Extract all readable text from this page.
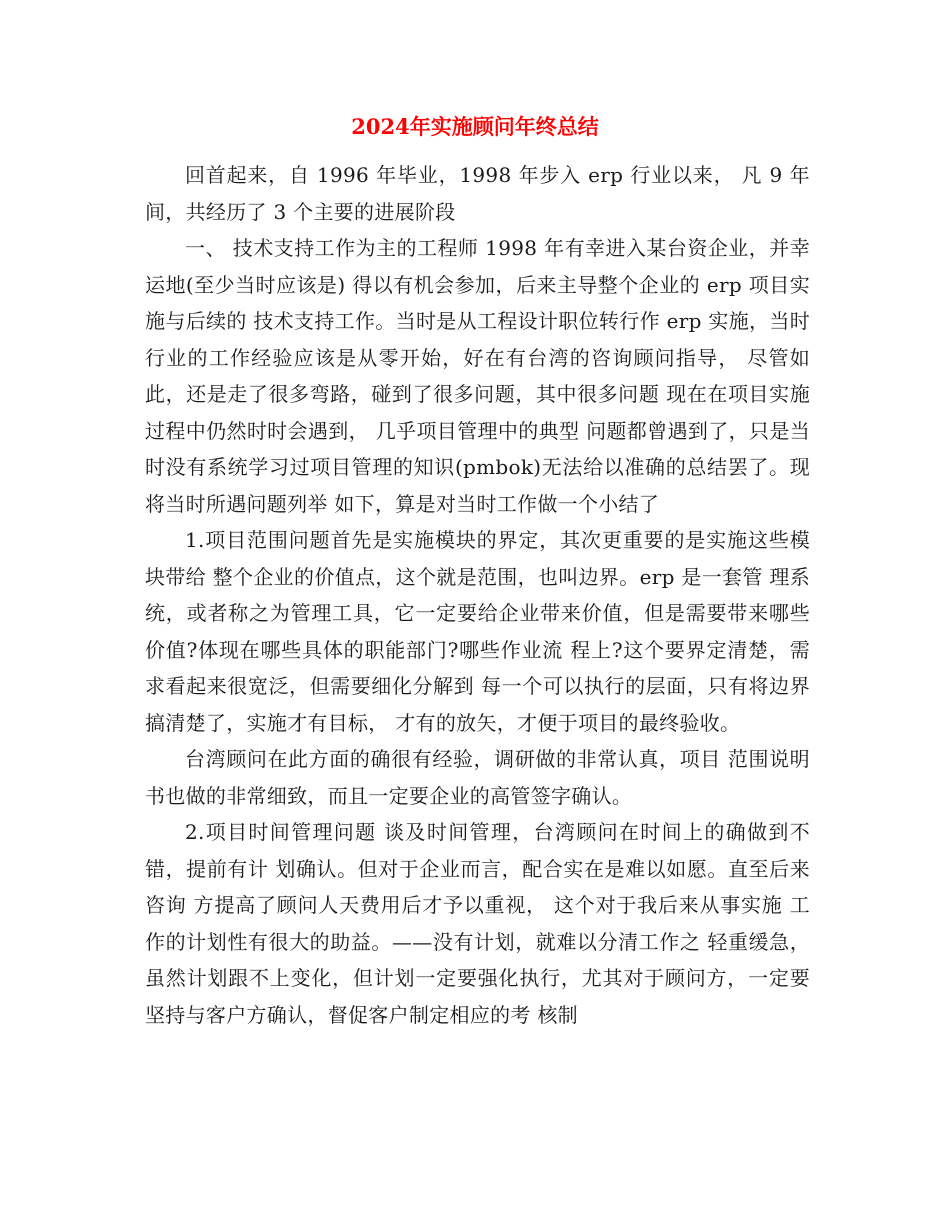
2024年实施顾问年终总结

回首起来，自 1996 年毕业，1998 年步入 erp 行业以来， 凡 9 年间，共经历了 3 个主要的进展阶段

一、 技术支持工作为主的工程师 1998 年有幸进入某台资企业，并幸运地(至少当时应该是) 得以有机会参加，后来主导整个企业的 erp 项目实施与后续的 技术支持工作。当时是从工程设计职位转行作 erp 实施，当时 行业的工作经验应该是从零开始，好在有台湾的咨询顾问指导， 尽管如此，还是走了很多弯路，碰到了很多问题，其中很多问题 现在在项目实施过程中仍然时时会遇到， 几乎项目管理中的典型 问题都曾遇到了，只是当时没有系统学习过项目管理的知识(pmbok)无法给以准确的总结罢了。现将当时所遇问题列举 如下，算是对当时工作做一个小结了

1.项目范围问题首先是实施模块的界定，其次更重要的是实施这些模块带给 整个企业的价值点，这个就是范围，也叫边界。erp 是一套管 理系统，或者称之为管理工具，它一定要给企业带来价值，但是需要带来哪些价值?体现在哪些具体的职能部门?哪些作业流 程上?这个要界定清楚，需求看起来很宽泛，但需要细化分解到 每一个可以执行的层面，只有将边界搞清楚了，实施才有目标， 才有的放矢，才便于项目的最终验收。

台湾顾问在此方面的确很有经验，调研做的非常认真，项目 范围说明书也做的非常细致，而且一定要企业的高管签字确认。

2.项目时间管理问题 谈及时间管理，台湾顾问在时间上的确做到不错，提前有计 划确认。但对于企业而言，配合实在是难以如愿。直至后来咨询 方提高了顾问人天费用后才予以重视， 这个对于我后来从事实施 工作的计划性有很大的助益。——没有计划，就难以分清工作之 轻重缓急，虽然计划跟不上变化，但计划一定要强化执行，尤其对于顾问方，一定要坚持与客户方确认，督促客户制定相应的考 核制
